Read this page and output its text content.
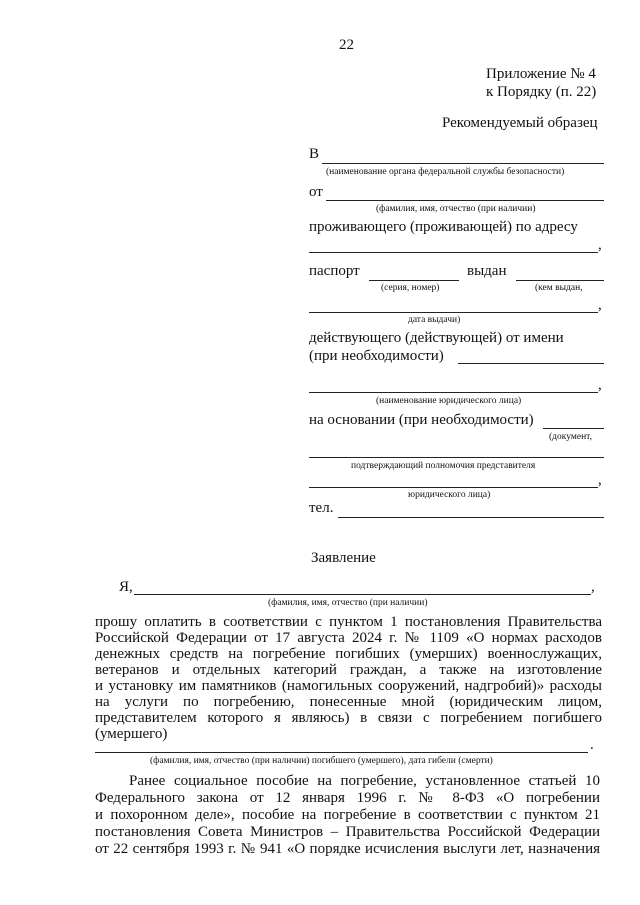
22
Приложение № 4
к Порядку (п. 22)
Рекомендуемый образец
В
(наименование органа федеральной службы безопасности)
от
(фамилия, имя, отчество (при наличии)
проживающего (проживающей) по адресу
,
паспорт	выдан
(серия, номер)	(кем выдан,
,
дата выдачи)
действующего (действующей) от имени
(при необходимости)
,
(наименование юридического лица)
на основании (при необходимости)
(документ,
подтверждающий полномочия представителя
,
юридического лица)
тел.
Заявление
Я,	,
(фамилия, имя, отчество (при наличии)
прошу оплатить в соответствии с пунктом 1 постановления Правительства
Российской Федерации от 17 августа 2024 г. № 1109 «О нормах расходов
денежных средств на погребение погибших (умерших) военнослужащих,
ветеранов и отдельных категорий граждан, а также на изготовление
и установку им памятников (намогильных сооружений, надгробий)» расходы
на услуги по погребению, понесенные мной (юридическим лицом,
представителем которого я являюсь) в связи с погребением погибшего
(умершего)
.
(фамилия, имя, отчество (при наличии) погибшего (умершего), дата гибели (смерти)
Ранее социальное пособие на погребение, установленное статьей 10
Федерального закона от 12 января 1996 г. № 8-ФЗ «О погребении
и похоронном деле», пособие на погребение в соответствии с пунктом 21
постановления Совета Министров – Правительства Российской Федерации
от 22 сентября 1993 г. № 941 «О порядке исчисления выслуги лет, назначения
